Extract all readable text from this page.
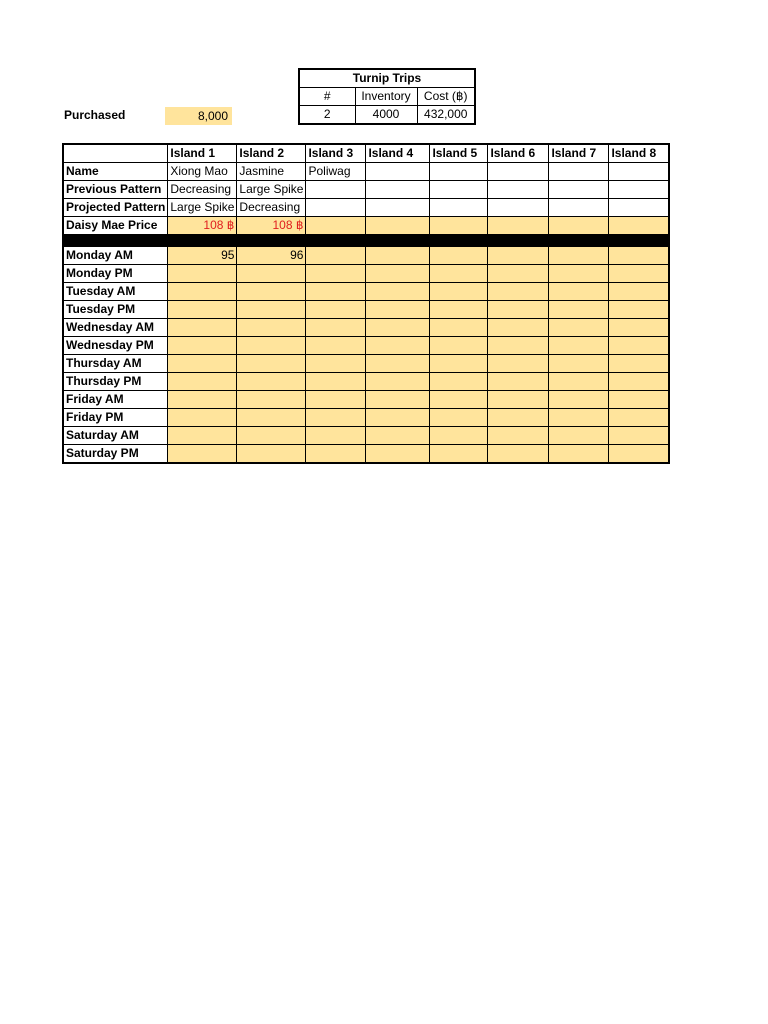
Purchased	8,000
Turnip Trips		
#	Inventory	Cost (฿)
2	4000	432,000
	Island 1	Island 2	Island 3	Island 4	Island 5	Island 6	Island 7	Island 8
Name	Xiong Mao	Jasmine	Poliwag					
Previous Pattern	Decreasing	Large Spike						
Projected Pattern	Large Spike	Decreasing						
Daisy Mae Price	108 ฿	108 ฿						

Monday AM	95	96						
Monday PM								
Tuesday AM								
Tuesday PM								
Wednesday AM								
Wednesday PM								
Thursday AM								
Thursday PM								
Friday AM								
Friday PM								
Saturday AM								
Saturday PM								
